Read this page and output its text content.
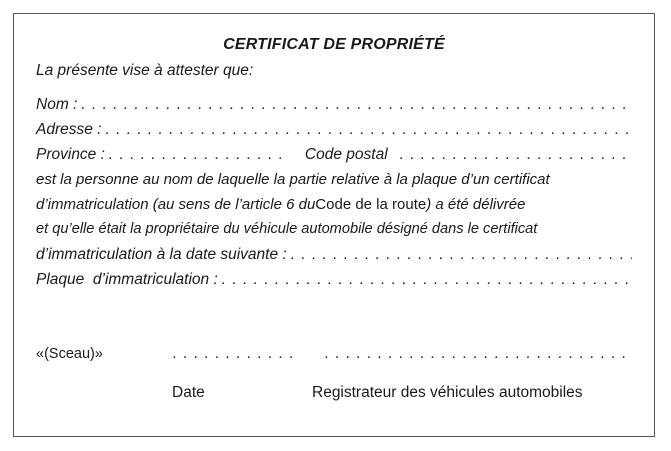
CERTIFICAT DE PROPRIÉTÉ
La présente vise à attester que:
Nom :
. . .
Adresse :
. . .
Province :
. . .	Code postal
. . .
est la personne au nom de laquelle la partie relative à la plaque d’un certificat
d’immatriculation (au sens de l’article 6 du Code de la route ) a été délivrée
et qu’elle était la propriétaire du véhicule automobile désigné dans le certificat
d’immatriculation à la date suivante :
. . .
Plaque  d’immatriculation :
. . .
«(Sceau)»
. . .
. . .
Date	Registrateur des véhicules automobiles
